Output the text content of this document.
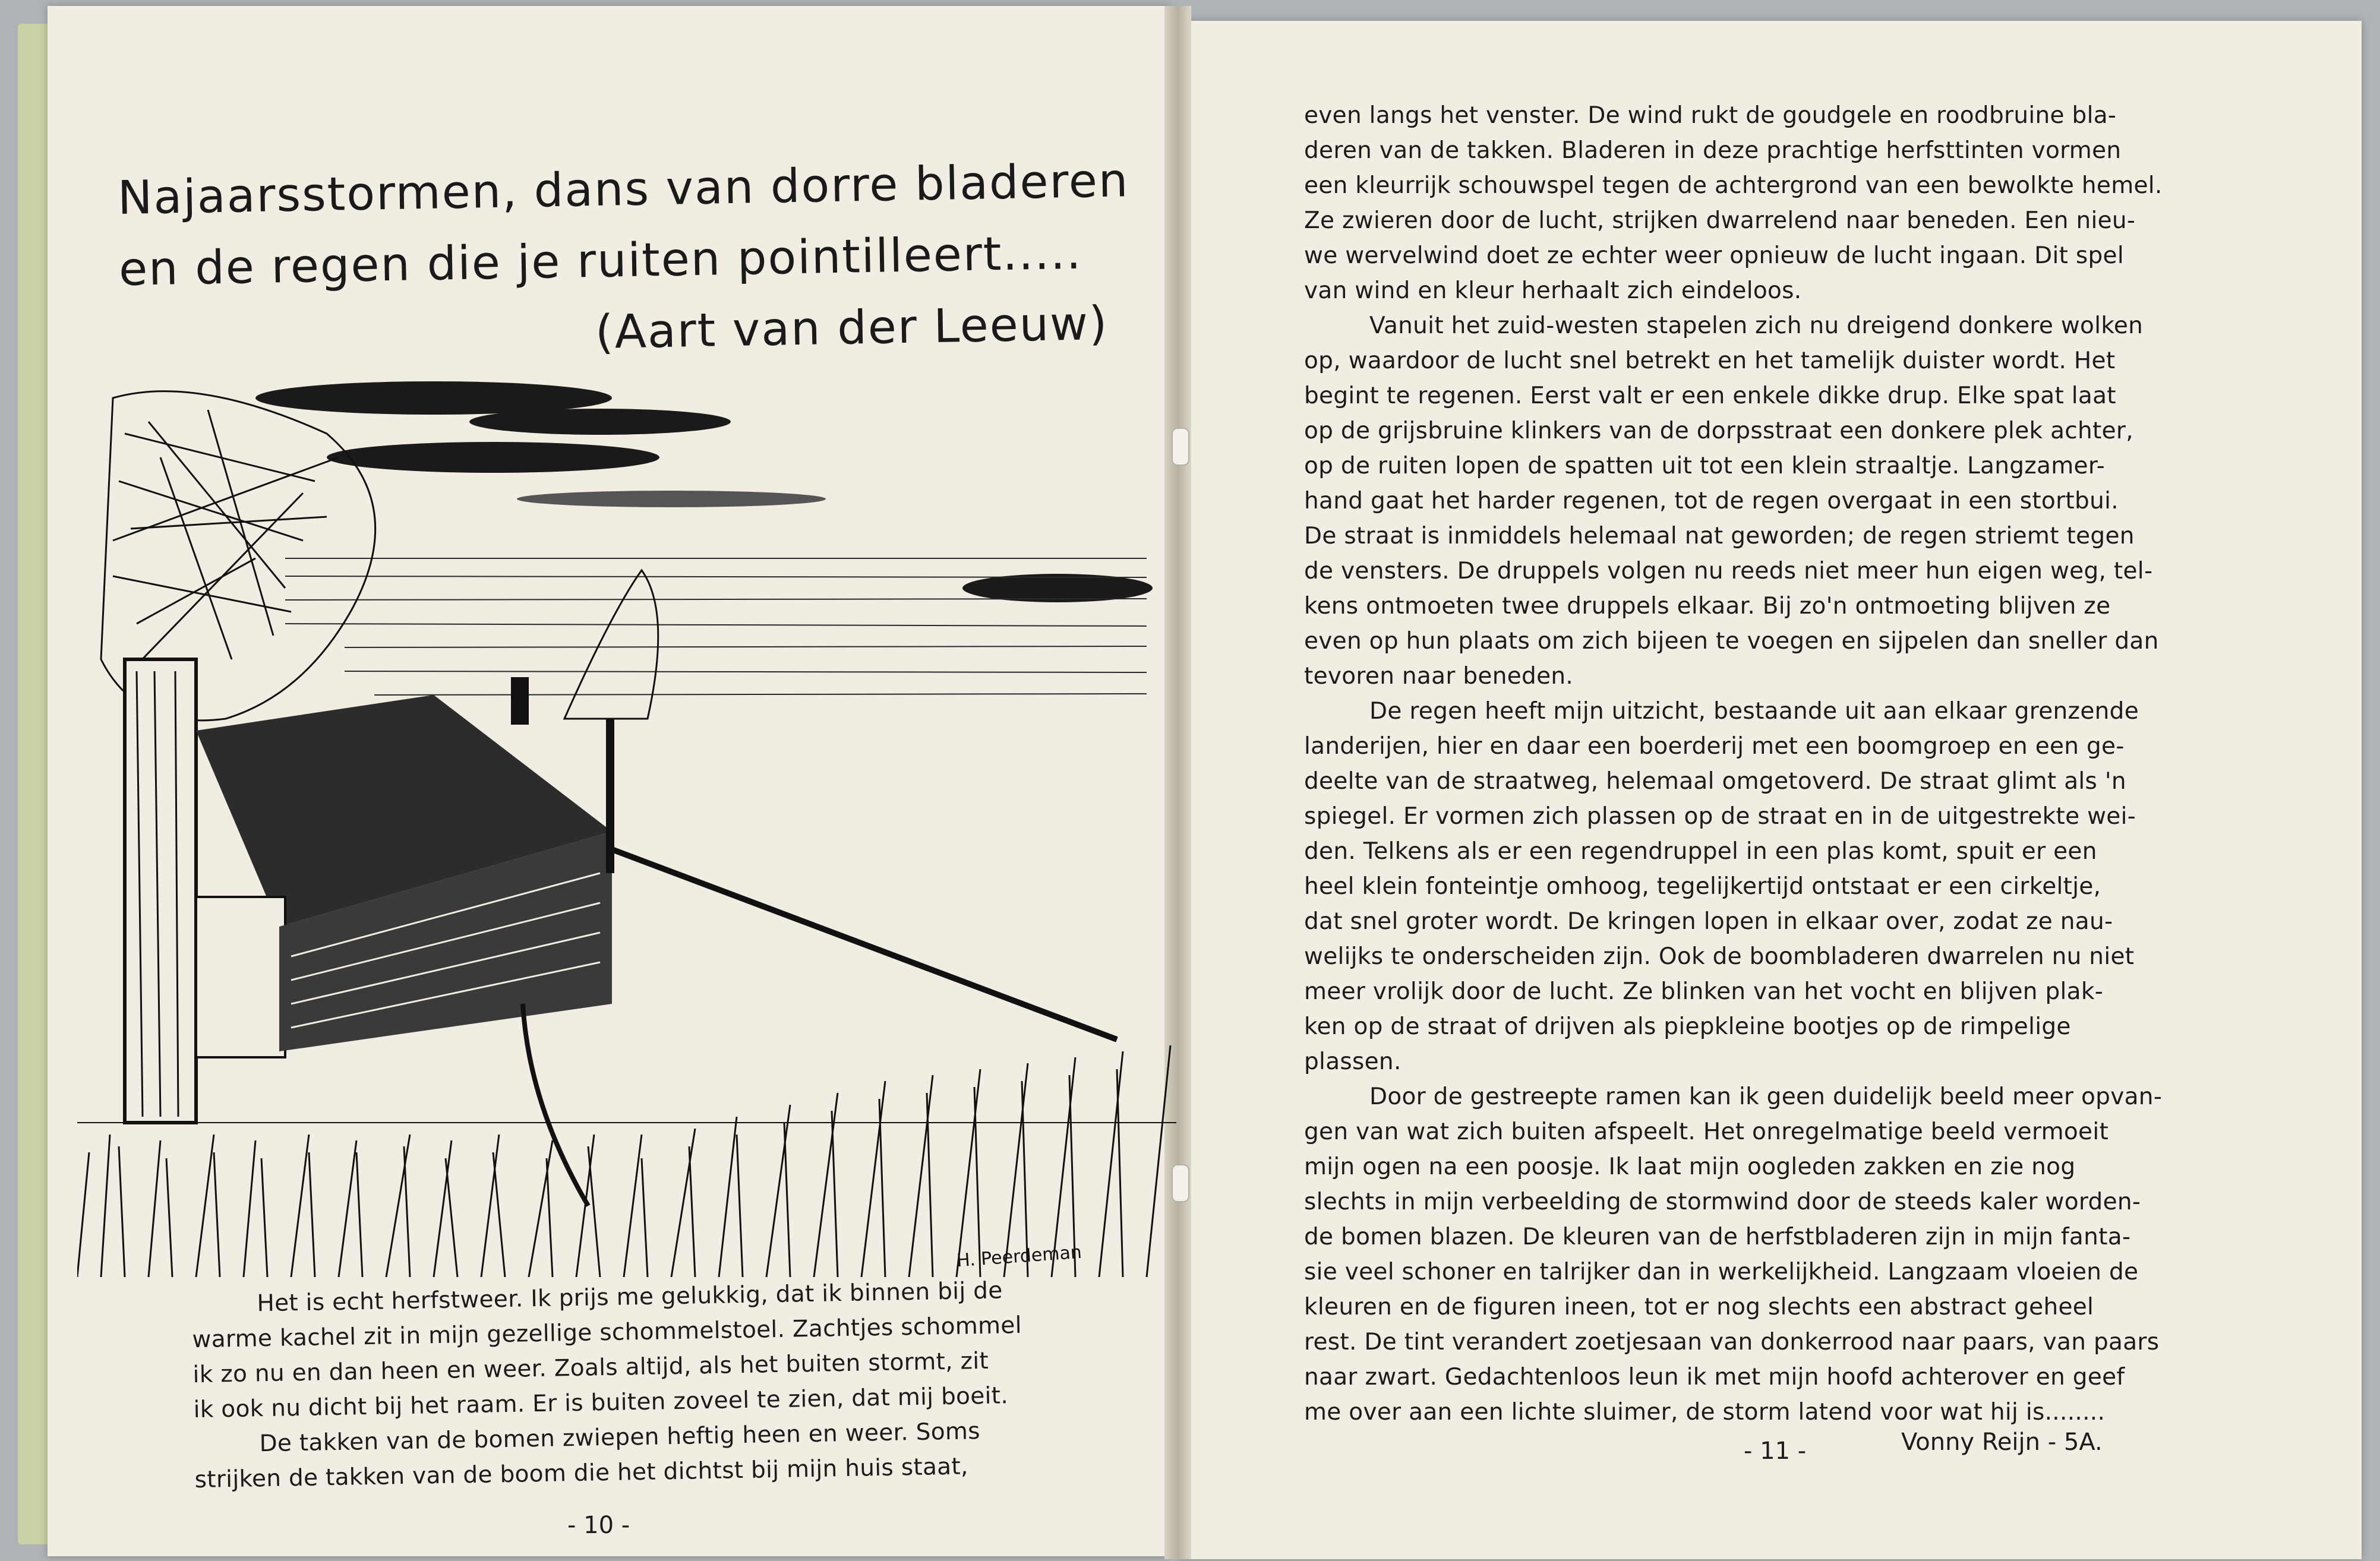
Najaarsstormen, dans van dorre bladeren
en de regen die je ruiten pointilleert.....
(Aart van der Leeuw)
H. Peerdeman

Het is echt herfstweer. Ik prijs me gelukkig, dat ik binnen bij de

warme kachel zit in mijn gezellige schommelstoel. Zachtjes schommel

ik zo nu en dan heen en weer. Zoals altijd, als het buiten stormt, zit

ik ook nu dicht bij het raam. Er is buiten zoveel te zien, dat mij boeit.

De takken van de bomen zwiepen heftig heen en weer. Soms

strijken de takken van de boom die het dichtst bij mijn huis staat,

- 10 -

even langs het venster. De wind rukt de goudgele en roodbruine bla-

deren van de takken. Bladeren in deze prachtige herfsttinten vormen

een kleurrijk schouwspel tegen de achtergrond van een bewolkte hemel.

Ze zwieren door de lucht, strijken dwarrelend naar beneden. Een nieu-

we wervelwind doet ze echter weer opnieuw de lucht ingaan. Dit spel

van wind en kleur herhaalt zich eindeloos.

Vanuit het zuid-westen stapelen zich nu dreigend donkere wolken

op, waardoor de lucht snel betrekt en het tamelijk duister wordt. Het

begint te regenen. Eerst valt er een enkele dikke drup. Elke spat laat

op de grijsbruine klinkers van de dorpsstraat een donkere plek achter,

op de ruiten lopen de spatten uit tot een klein straaltje. Langzamer-

hand gaat het harder regenen, tot de regen overgaat in een stortbui.

De straat is inmiddels helemaal nat geworden; de regen striemt tegen

de vensters. De druppels volgen nu reeds niet meer hun eigen weg, tel-

kens ontmoeten twee druppels elkaar. Bij zo'n ontmoeting blijven ze

even op hun plaats om zich bijeen te voegen en sijpelen dan sneller dan

tevoren naar beneden.

De regen heeft mijn uitzicht, bestaande uit aan elkaar grenzende

landerijen, hier en daar een boerderij met een boomgroep en een ge-

deelte van de straatweg, helemaal omgetoverd. De straat glimt als 'n

spiegel. Er vormen zich plassen op de straat en in de uitgestrekte wei-

den. Telkens als er een regendruppel in een plas komt, spuit er een

heel klein fonteintje omhoog, tegelijkertijd ontstaat er een cirkeltje,

dat snel groter wordt. De kringen lopen in elkaar over, zodat ze nau-

welijks te onderscheiden zijn. Ook de boombladeren dwarrelen nu niet

meer vrolijk door de lucht. Ze blinken van het vocht en blijven plak-

ken op de straat of drijven als piepkleine bootjes op de rimpelige

plassen.

Door de gestreepte ramen kan ik geen duidelijk beeld meer opvan-

gen van wat zich buiten afspeelt. Het onregelmatige beeld vermoeit

mijn ogen na een poosje. Ik laat mijn oogleden zakken en zie nog

slechts in mijn verbeelding de stormwind door de steeds kaler worden-

de bomen blazen. De kleuren van de herfstbladeren zijn in mijn fanta-

sie veel schoner en talrijker dan in werkelijkheid. Langzaam vloeien de

kleuren en de figuren ineen, tot er nog slechts een abstract geheel

rest. De tint verandert zoetjesaan van donkerrood naar paars, van paars

naar zwart. Gedachtenloos leun ik met mijn hoofd achterover en geef

me over aan een lichte sluimer, de storm latend voor wat hij is........

- 11 -	Vonny Reijn - 5A.
